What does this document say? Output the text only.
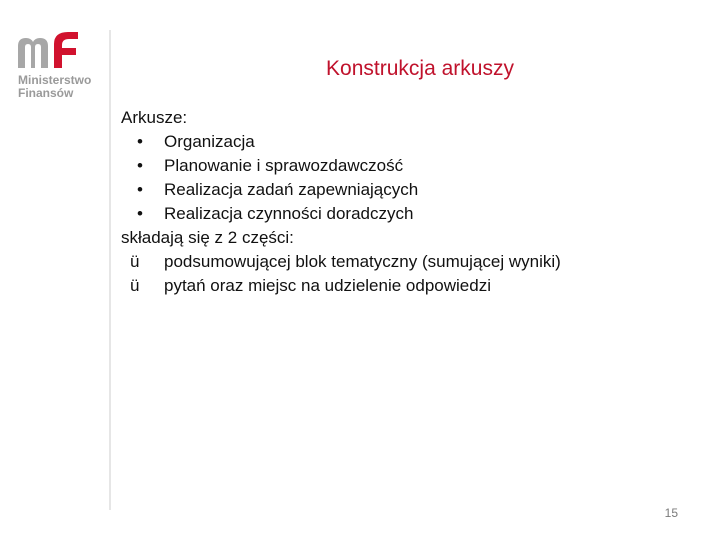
Ministerstwo
Finansów
Konstrukcja arkuszy
Arkusze:
•	Organizacja
•	Planowanie i sprawozdawczość
•	Realizacja zadań zapewniających
•	Realizacja czynności doradczych
składają się z 2 części:
ü	podsumowującej blok tematyczny (sumującej wyniki)
ü	pytań oraz miejsc na udzielenie odpowiedzi
15
